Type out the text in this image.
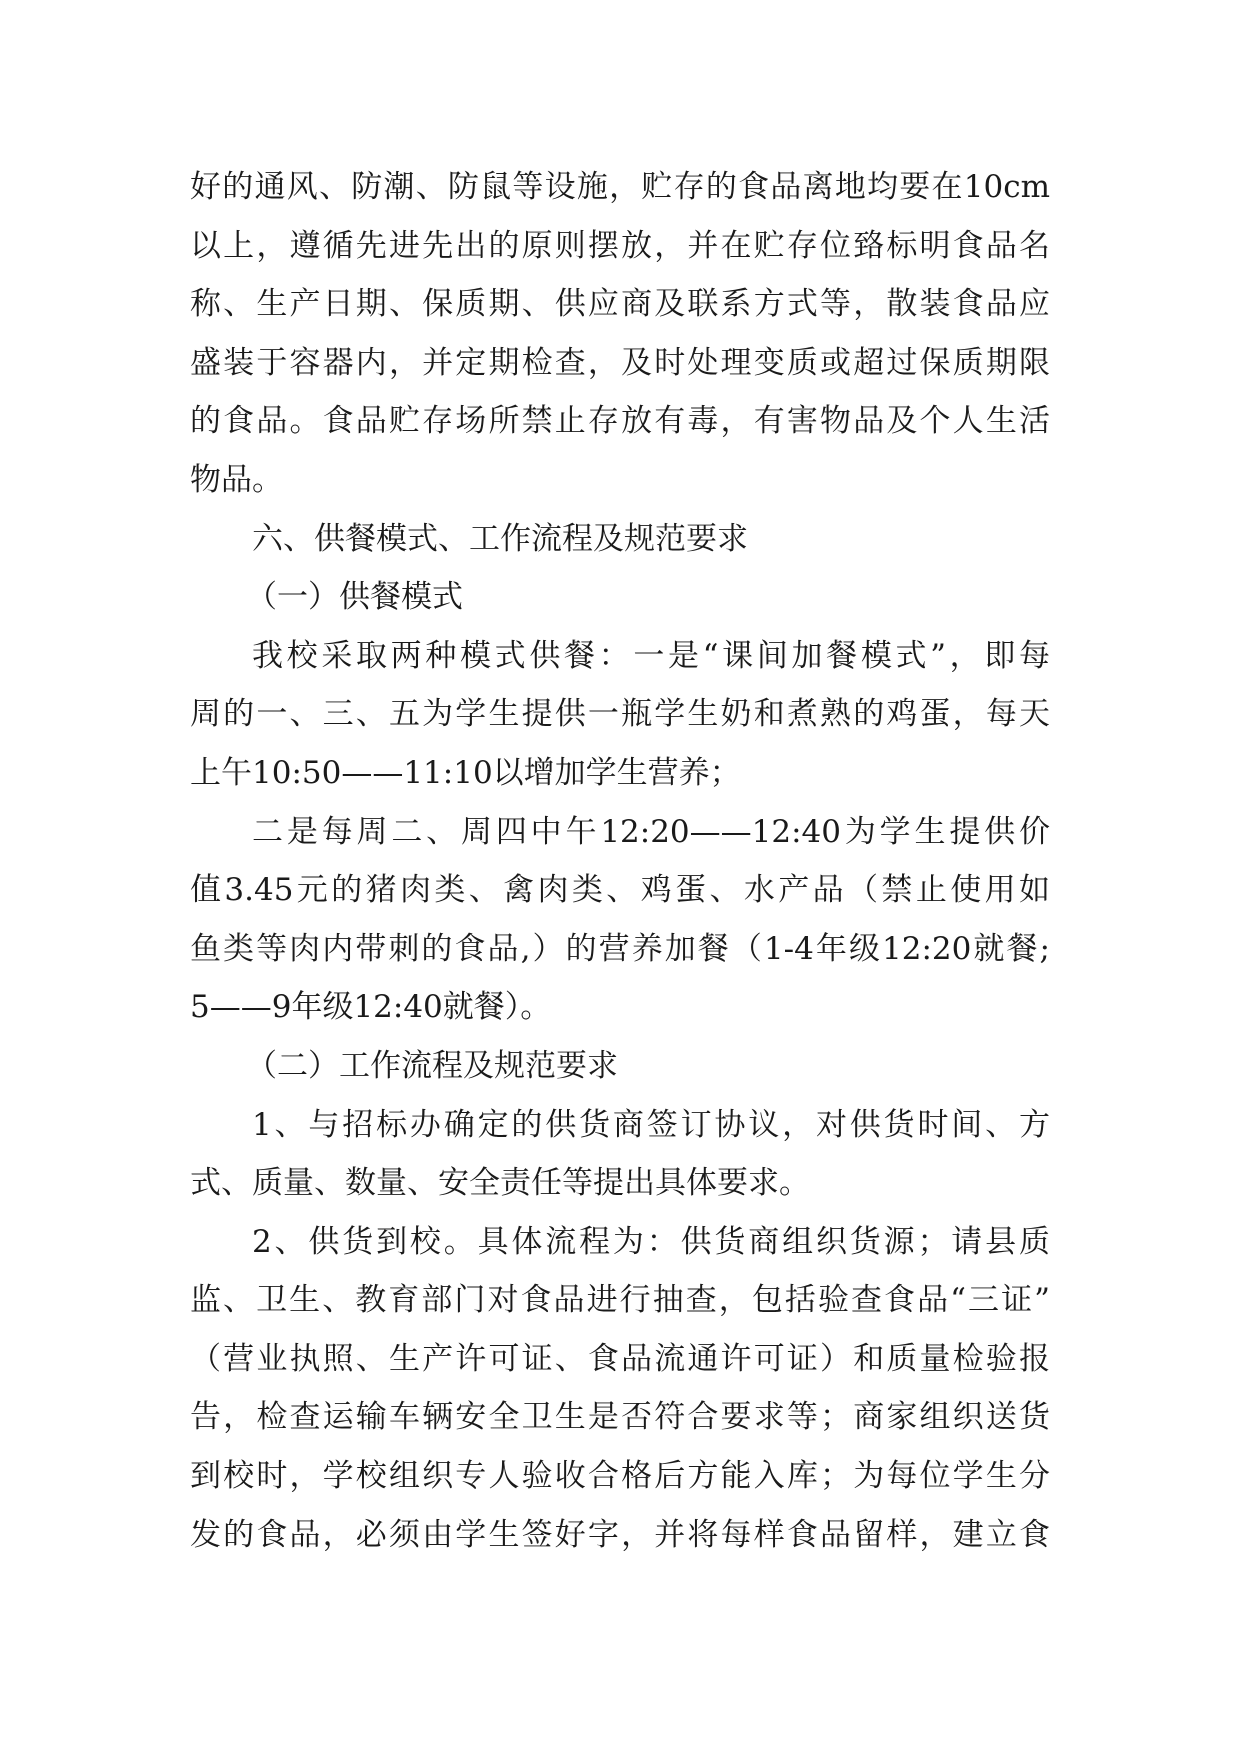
好的通风、防潮、防鼠等设施，贮存的食品离地均要在10cm
以上，遵循先进先出的原则摆放，并在贮存位臵标明食品名
称、生产日期、保质期、供应商及联系方式等，散装食品应
盛装于容器内，并定期检查，及时处理变质或超过保质期限
的食品。食品贮存场所禁止存放有毒，有害物品及个人生活
物品。
六、供餐模式、工作流程及规范要求
（一）供餐模式
我校采取两种模式供餐：一是“课间加餐模式”，即每
周的一、三、五为学生提供一瓶学生奶和煮熟的鸡蛋，每天
上午10:50——11:10以增加学生营养；
二是每周二、周四中午12:20——12:40为学生提供价
值3.45元的猪肉类、禽肉类、鸡蛋、水产品（禁止使用如
鱼类等肉内带刺的食品,）的营养加餐（1-4年级12:20就餐;
5——9年级12:40就餐）。
（二）工作流程及规范要求
1、与招标办确定的供货商签订协议，对供货时间、方
式、质量、数量、安全责任等提出具体要求。
2、供货到校。具体流程为：供货商组织货源；请县质
监、卫生、教育部门对食品进行抽查，包括验查食品“三证”
（营业执照、生产许可证、食品流通许可证）和质量检验报
告，检查运输车辆安全卫生是否符合要求等；商家组织送货
到校时，学校组织专人验收合格后方能入库；为每位学生分
发的食品，必须由学生签好字，并将每样食品留样，建立食
